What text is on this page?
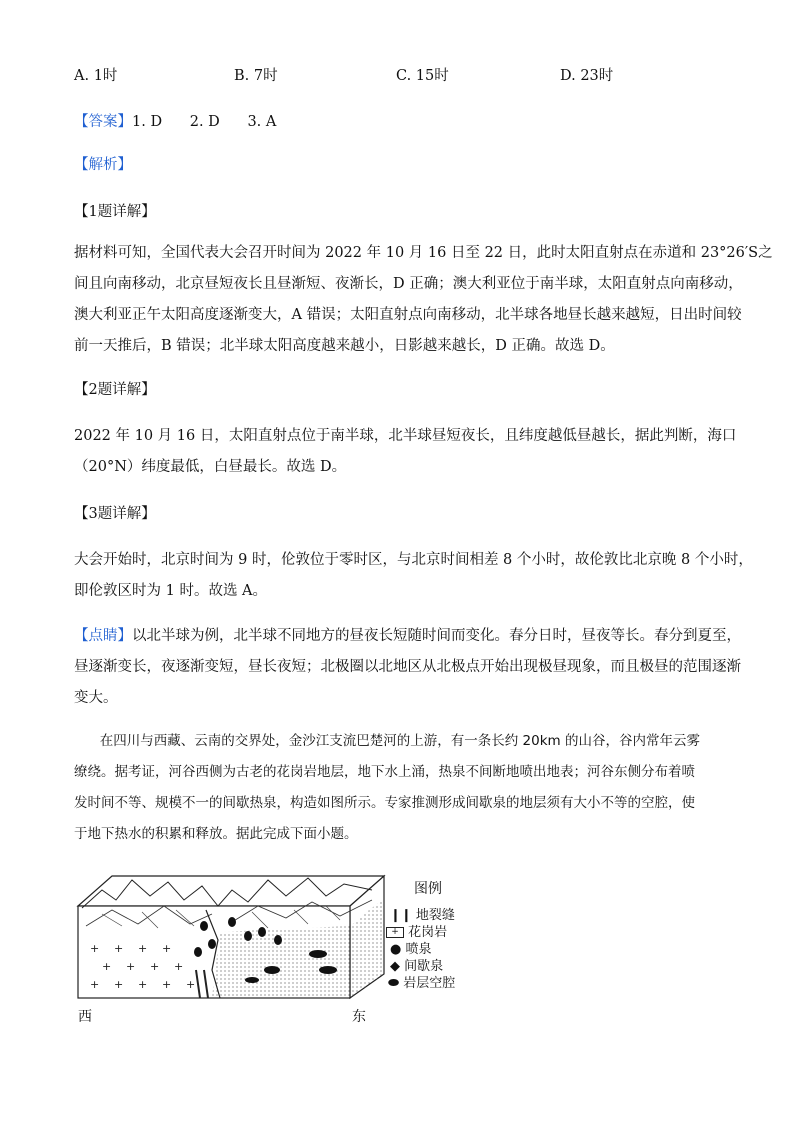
A. 1时	B. 7时	C. 15时	D. 23时
【答案】1. D      2. D      3. A
【解析】
【1题详解】
据材料可知，全国代表大会召开时间为 2022 年 10 月 16 日至 22 日，此时太阳直射点在赤道和 23°26′S之
间且向南移动，北京昼短夜长且昼渐短、夜渐长，D 正确；澳大利亚位于南半球，太阳直射点向南移动，
澳大利亚正午太阳高度逐渐变大，A 错误；太阳直射点向南移动，北半球各地昼长越来越短，日出时间较
前一天推后，B 错误；北半球太阳高度越来越小，日影越来越长，D 正确。故选 D。
【2题详解】
2022 年 10 月 16 日，太阳直射点位于南半球，北半球昼短夜长，且纬度越低昼越长，据此判断，海口
（20°N）纬度最低，白昼最长。故选 D。
【3题详解】
大会开始时，北京时间为 9 时，伦敦位于零时区，与北京时间相差 8 个小时，故伦敦比北京晚 8 个小时，
即伦敦区时为 1 时。故选 A。
【点睛】以北半球为例，北半球不同地方的昼夜长短随时间而变化。春分日时，昼夜等长。春分到夏至，
昼逐渐变长，夜逐渐变短，昼长夜短；北极圈以北地区从北极点开始出现极昼现象，而且极昼的范围逐渐
变大。
在四川与西藏、云南的交界处，金沙江支流巴楚河的上游，有一条长约 20km 的山谷，谷内常年云雾
缭绕。据考证，河谷西侧为古老的花岗岩地层，地下水上涌，热泉不间断地喷出地表；河谷东侧分布着喷
发时间不等、规模不一的间歇热泉，构造如图所示。专家推测形成间歇泉的地层须有大小不等的空腔，使
于地下热水的积累和释放。据此完成下面小题。
+ + + +
+ + + +
+ + + + +
图例
❙❙ 地裂缝
+ 花岗岩
● 喷泉
◆ 间歇泉
⬬ 岩层空腔
西	东
